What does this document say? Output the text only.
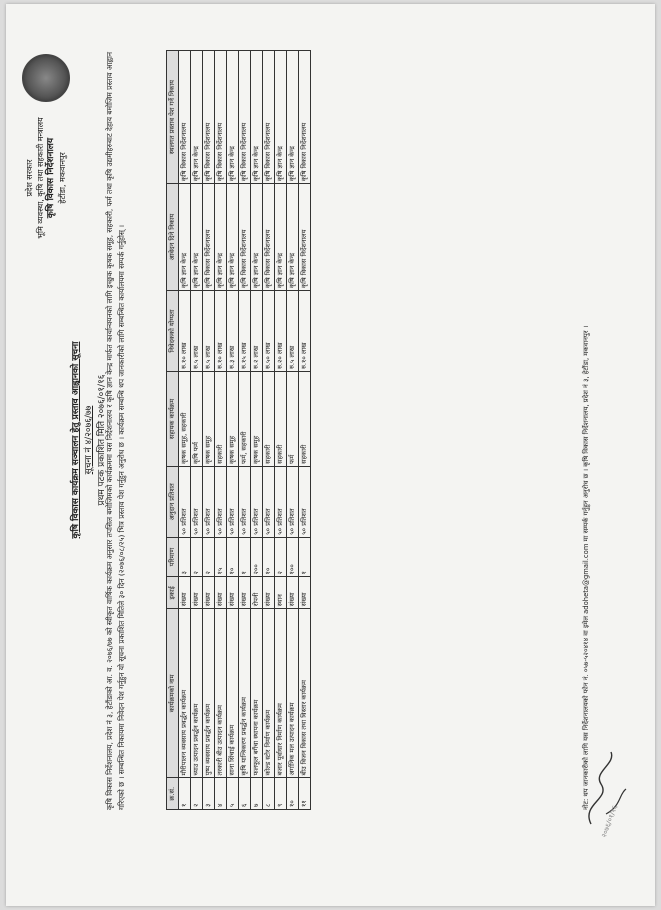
प्रदेश सरकार भूमि व्यवस्था, कृषि तथा सहकारी मन्त्रालय कृषि विकास निर्देशनालय हेटौंडा, मकवानपुर
कृषि विकास कार्यक्रम सञ्चालन हेतु प्रस्ताव आह्वानको सूचना सूचना नं ४/२०७६/७७ प्रथम पटक प्रकाशित मिति २०७६/०१/१६
कृषि विकास निर्देशनालय, प्रदेश नं ३, हेटौंडाको आ. व. २०७६/७७ को स्वीकृत वार्षिक कार्यक्रम अनुसार तपसिल बमोजिमको कार्यक्रममा यस निर्देशनालय र कृषि ज्ञान केन्द्र मार्फत कार्यान्वयनको लागि इच्छुक कृषक समूह, सहकारी, फर्म तथा कृषि उद्यमीहरुबाट देहाय बमोजिम प्रस्ताव आह्वान गरिएको छ । सम्बन्धित निकायमा निवेदन पेश गर्नुहुन यो सूचना प्रकाशित मितिले ३० दिन (२०७६/०८/२५) भित्र प्रस्ताव पेश गर्नुहुन अनुरोध छ । कार्यक्रम सम्बन्धि थप जानकारीको लागि सम्बन्धित कार्यालयमा सम्पर्क गर्नुहोस् ।	क्र.सं.	कार्यक्रमको नाम	इकाई	परिमाण	अनुदान प्रतिशत	सहायक कार्यक्रम	निवेदकको योग्यता	आवेदन दिने निकाय	स्थलगत प्रस्ताव पेश गर्ने निकाय
१	मौरीपालन व्यवसाय प्रवर्द्धन कार्यक्रम	संख्या	३	५० प्रतिशत	कृषक समूह, सहकारी	रु.१० लाख	कृषि ज्ञान केन्द्र	कृषि विकास निर्देशनालय
२	च्याउ उत्पादन प्रवर्द्धन कार्यक्रम	संख्या	२	५० प्रतिशत	कृषि फर्म	रु.५ लाख	कृषि ज्ञान केन्द्र	कृषि ज्ञान केन्द्र
३	पुष्प व्यवसाय प्रवर्द्धन कार्यक्रम	संख्या	२	५० प्रतिशत	कृषक समूह	रु.५ लाख	कृषि विकास निर्देशनालय	कृषि विकास निर्देशनालय
४	तरकारी बीउ उत्पादन कार्यक्रम	संख्या	१५	५० प्रतिशत	सहकारी	रु.१० लाख	कृषि ज्ञान केन्द्र	कृषि विकास निर्देशनालय
५	साना सिंचाई कार्यक्रम	संख्या	१०	५० प्रतिशत	कृषक समूह	रु.३ लाख	कृषि ज्ञान केन्द्र	कृषि ज्ञान केन्द्र
६	कृषि यान्त्रिकरण प्रवर्द्धन कार्यक्रम	संख्या	१	५० प्रतिशत	फर्म, सहकारी	रु.१५ लाख	कृषि विकास निर्देशनालय	कृषि विकास निर्देशनालय
७	फलफूल बगैंचा स्थापना कार्यक्रम	रोपनी	२००	५० प्रतिशत	कृषक समूह	रु.२ लाख	कृषि ज्ञान केन्द्र	कृषि ज्ञान केन्द्र
८	कोल्ड स्टोर निर्माण कार्यक्रम	संख्या	१०	५० प्रतिशत	सहकारी	रु.५० लाख	कृषि विकास निर्देशनालय	कृषि विकास निर्देशनालय
९	बजार पूर्वाधार निर्माण कार्यक्रम	स्थान	२	५० प्रतिशत	सहकारी	रु.२० लाख	कृषि ज्ञान केन्द्र	कृषि ज्ञान केन्द्र
१०	अर्गानिक मल उत्पादन कार्यक्रम	संख्या	१००	५० प्रतिशत	फर्म	रु.५ लाख	कृषि ज्ञान केन्द्र	कृषि ज्ञान केन्द्र
११	बीउ विजन विकास तथा विस्तार कार्यक्रम	संख्या	१	५० प्रतिशत	सहकारी	रु.१० लाख	कृषि विकास निर्देशनालय	कृषि विकास निर्देशनालय
नोट: थप जानकारीको लागि यस निर्देशनालयको फोन नं. ०५७-५२०४१४ वा इमेल adoheta@gmail.com मा सम्पर्क गर्नुहुन अनुरोध छ । कृषि विकास निर्देशनालय, प्रदेश नं ३, हेटौंडा, मकवानपुर ।
२०७६/०१/१६
